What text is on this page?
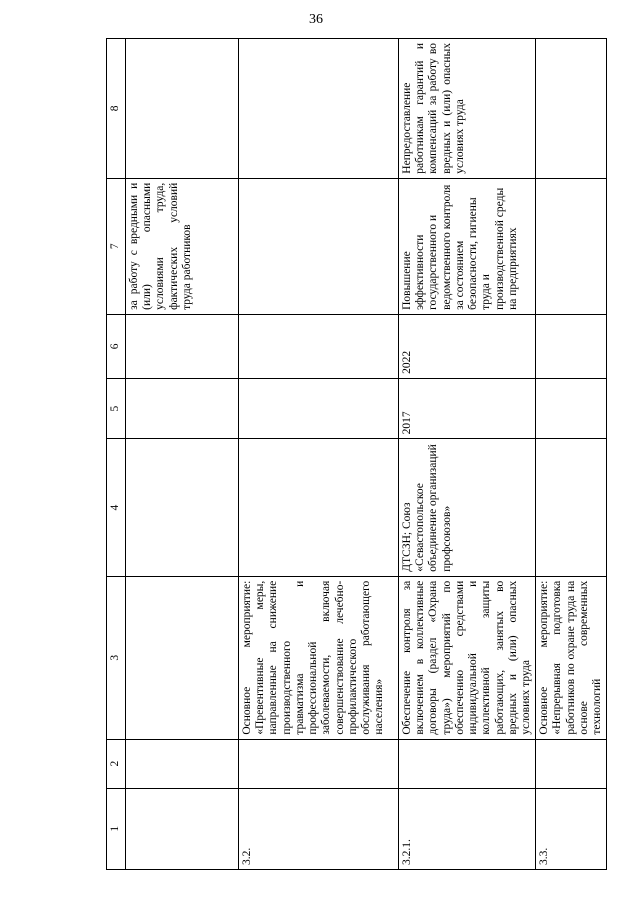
36
1	2	3	4	5	6	7	8
						за работу с вредными и (или) опасными условиями труда, фактических условий труда работников	
3.2.		Основное мероприятие: «Превентивные меры, направленные на снижение производственного травматизма и профессиональной заболеваемости, включая совершенствование лечебно-профилактического обслуживания работающего населения»					
3.2.1.		Обеспечение контроля за включением в коллективные договоры (раздел «Охрана труда») мероприятий по обеспечению средствами индивидуальной и коллективной защиты работающих, занятых во вредных и (или) опасных условиях труда	ДТСЗН; Союз «Севастопольское объединение организаций профсоюзов»	2017	2022	Повышение эффективности государственного и ведомственного контроля за состоянием безопасности, гигиены труда и производственной среды на предприятиях	Непредоставление работникам гарантий и компенсаций за работу во вредных и (или) опасных условиях труда
3.3.		Основное мероприятие: «Непрерывная подготовка работников по охране труда на основе современных технологий					
